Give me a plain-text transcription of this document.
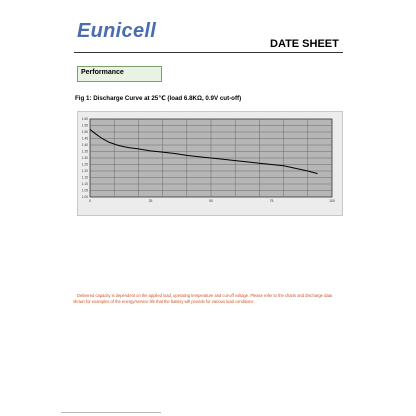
Eunicell
DATE SHEET
Performance
Fig 1: Discharge Curve at 25℃ (load 6.8KΩ, 0.9V cut-off)
1.60
1.55
1.50
1.45
1.40
1.35
1.30
1.25
1.20
1.15
1.10
1.05
1.00
0	25	50	75	100
Delivered capacity is dependent on the applied load, operating temperature and cut-off voltage. Please refer to the charts and discharge data shown for examples of the energy/service life that the battery will provide for various load conditions.
